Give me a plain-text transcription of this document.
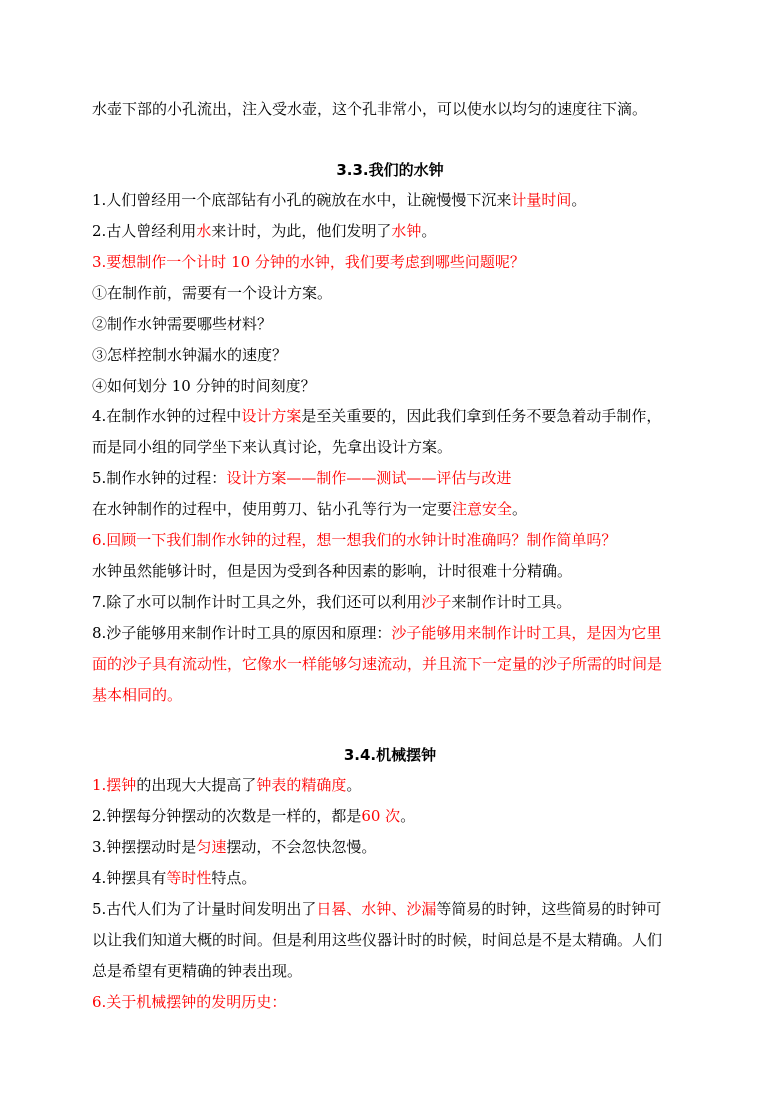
水壶下部的小孔流出，注入受水壶，这个孔非常小，可以使水以均匀的速度往下滴。
3.3.我们的水钟
1.人们曾经用一个底部钻有小孔的碗放在水中，让碗慢慢下沉来计量时间。
2.古人曾经利用水来计时，为此，他们发明了水钟。
3.要想制作一个计时 10 分钟的水钟，我们要考虑到哪些问题呢？
①在制作前，需要有一个设计方案。
②制作水钟需要哪些材料？
③怎样控制水钟漏水的速度？
④如何划分 10 分钟的时间刻度？
4.在制作水钟的过程中设计方案是至关重要的，因此我们拿到任务不要急着动手制作，
而是同小组的同学坐下来认真讨论，先拿出设计方案。
5.制作水钟的过程：设计方案——制作——测试——评估与改进
在水钟制作的过程中，使用剪刀、钻小孔等行为一定要注意安全。
6.回顾一下我们制作水钟的过程，想一想我们的水钟计时准确吗？制作简单吗？
水钟虽然能够计时，但是因为受到各种因素的影响，计时很难十分精确。
7.除了水可以制作计时工具之外，我们还可以利用沙子来制作计时工具。
8.沙子能够用来制作计时工具的原因和原理：沙子能够用来制作计时工具，是因为它里
面的沙子具有流动性，它像水一样能够匀速流动，并且流下一定量的沙子所需的时间是
基本相同的。
3.4.机械摆钟
1.摆钟的出现大大提高了钟表的精确度。
2.钟摆每分钟摆动的次数是一样的，都是60 次。
3.钟摆摆动时是匀速摆动，不会忽快忽慢。
4.钟摆具有等时性特点。
5.古代人们为了计量时间发明出了日晷、水钟、沙漏等简易的时钟，这些简易的时钟可
以让我们知道大概的时间。但是利用这些仪器计时的时候，时间总是不是太精确。人们
总是希望有更精确的钟表出现。
6.关于机械摆钟的发明历史：
